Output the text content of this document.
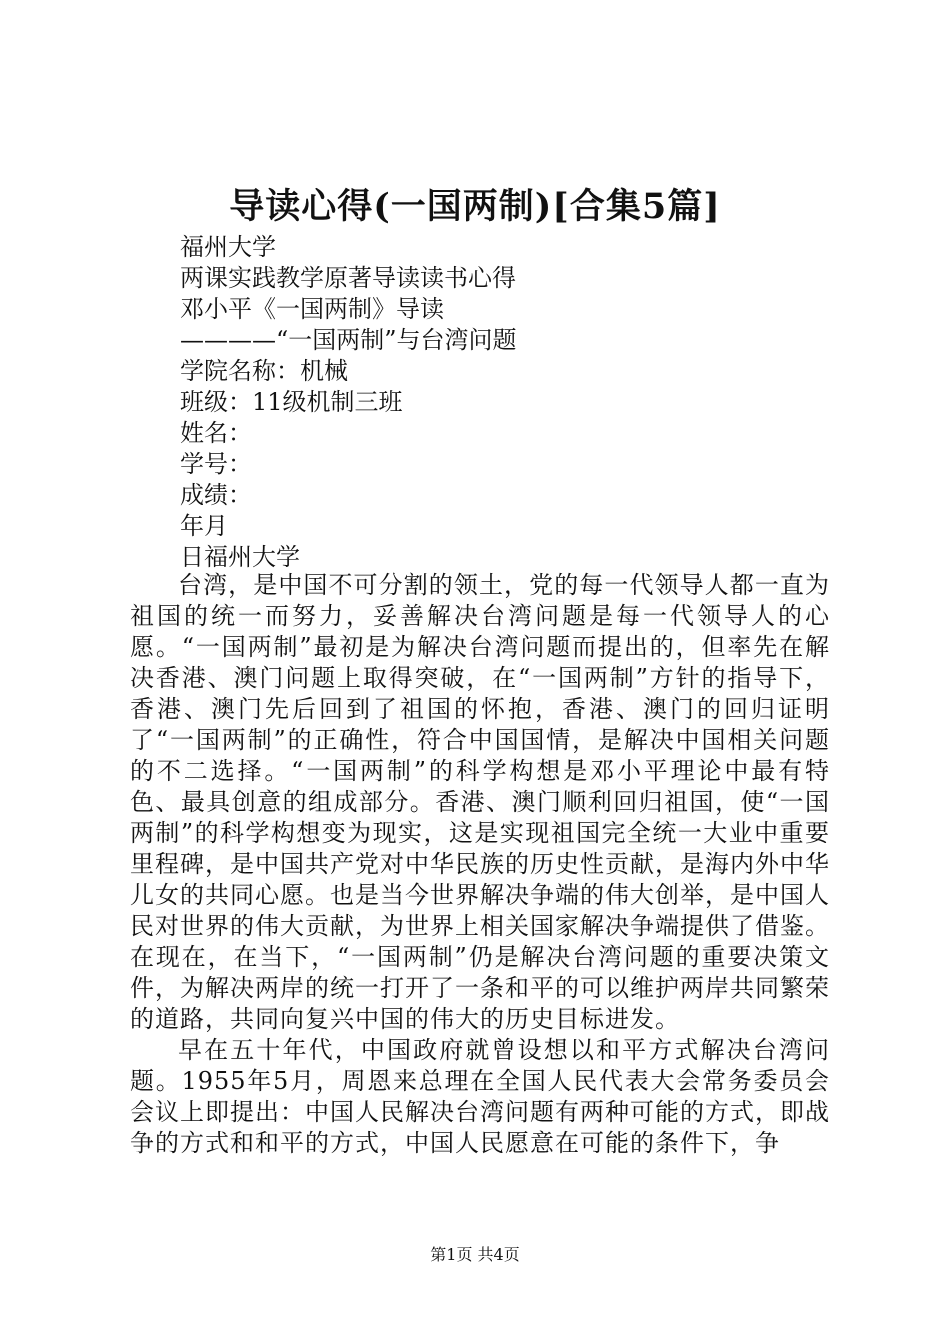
导读心得(一国两制)[合集5篇]
福州大学
两课实践教学原著导读读书心得
邓小平《一国两制》导读
————“一国两制”与台湾问题
学院名称：机械
班级：11级机制三班
姓名：
学号：
成绩：
年月
日福州大学

台湾，是中国不可分割的领土，党的每一代领导人都一直为祖国的统一而努力，妥善解决台湾问题是每一代领导人的心愿。“一国两制”最初是为解决台湾问题而提出的，但率先在解决香港、澳门问题上取得突破，在“一国两制”方针的指导下，香港、澳门先后回到了祖国的怀抱，香港、澳门的回归证明了“一国两制”的正确性，符合中国国情，是解决中国相关问题的不二选择。“一国两制”的科学构想是邓小平理论中最有特色、最具创意的组成部分。香港、澳门顺利回归祖国，使“一国两制”的科学构想变为现实，这是实现祖国完全统一大业中重要里程碑，是中国共产党对中华民族的历史性贡献，是海内外中华儿女的共同心愿。也是当今世界解决争端的伟大创举，是中国人民对世界的伟大贡献，为世界上相关国家解决争端提供了借鉴。在现在，在当下，“一国两制”仍是解决台湾问题的重要决策文件，为解决两岸的统一打开了一条和平的可以维护两岸共同繁荣的道路，共同向复兴中国的伟大的历史目标进发。

早在五十年代，中国政府就曾设想以和平方式解决台湾问题。1955年5月，周恩来总理在全国人民代表大会常务委员会会议上即提出：中国人民解决台湾问题有两种可能的方式，即战争的方式和和平的方式，中国人民愿意在可能的条件下，争

第1页 共4页
